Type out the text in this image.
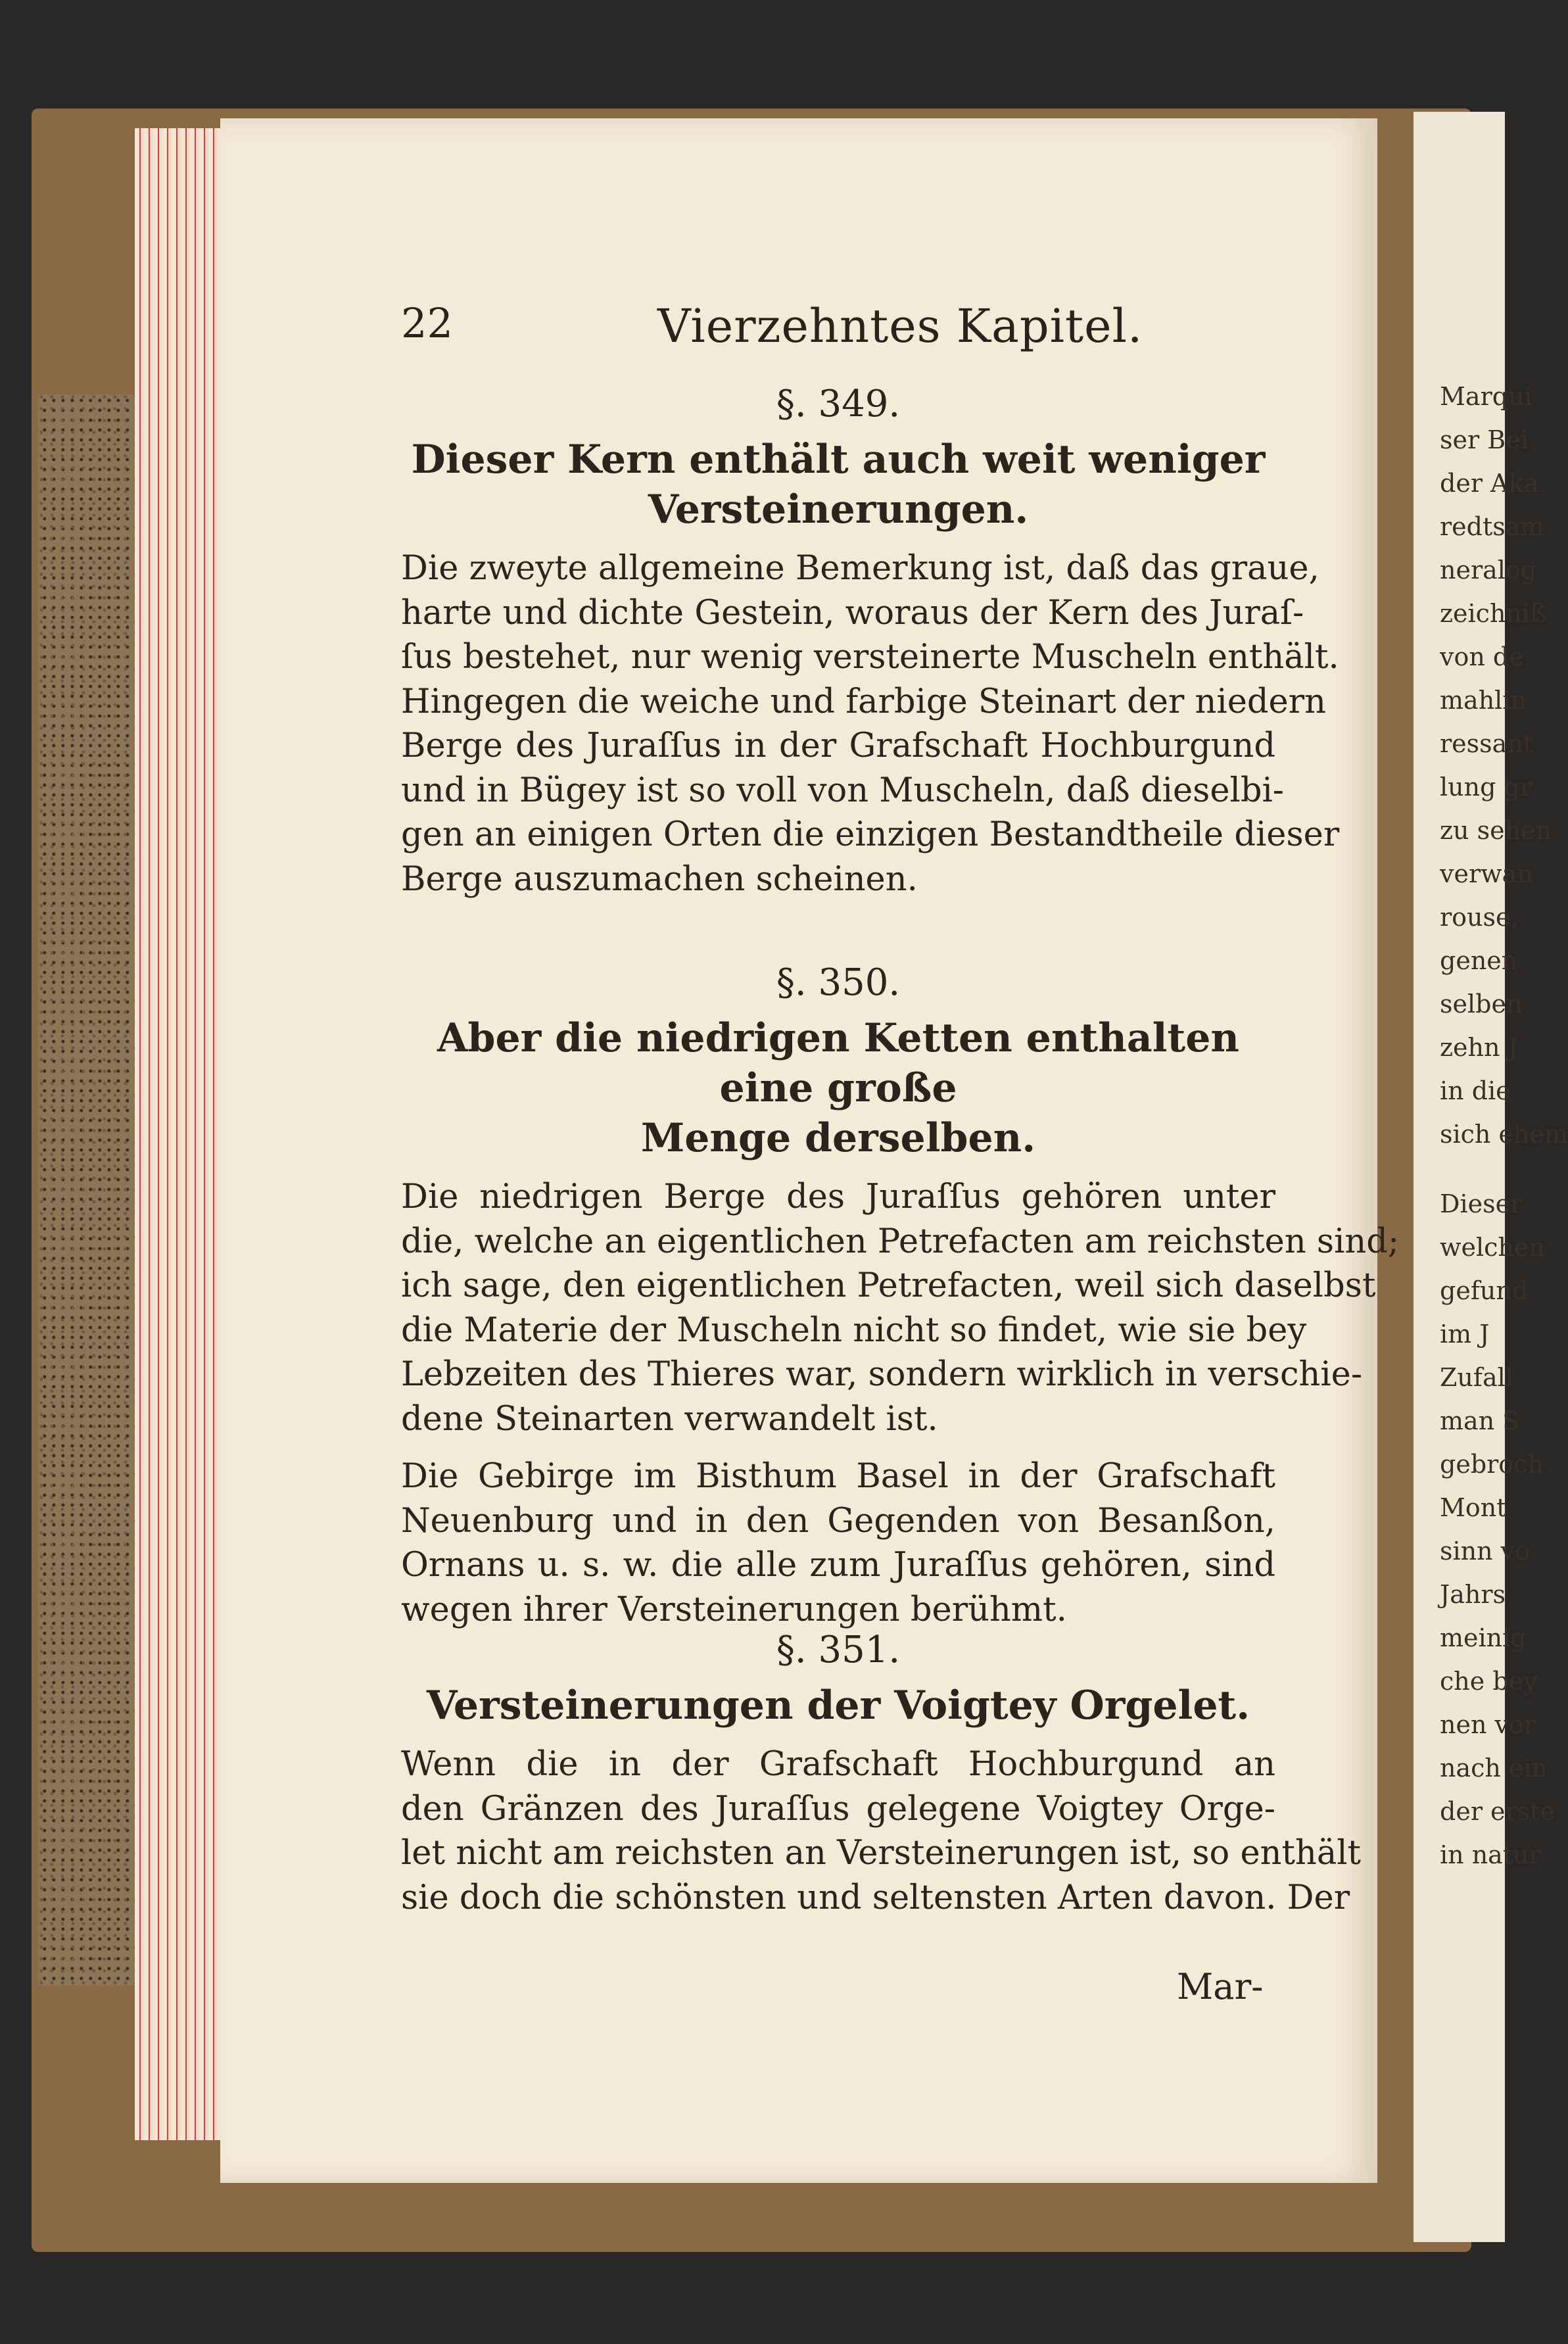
Marqui
ser Bei
der Aka
redtsam
neralog
zeichniß
von de
mahlin
ressant
lung gr
zu sehen
verwan
rouse,
genen
selben
zehn J
in die
sich ehem
Dieser
welchen
gefund
im J
Zufall
man S
gebroch
Mont
sinn vo
Jahrs
meinig
che bey
nen vor
nach ein
der erste
in natur
22	Vierzehntes Kapitel.

§. 349.

Dieser Kern enthält auch weit weniger
Versteinerungen.

Die zweyte allgemeine Bemerkung ist, daß das graue,
harte und dichte Gestein, woraus der Kern des Juraſ-
ſus bestehet, nur wenig versteinerte Muscheln enthält.
Hingegen die weiche und farbige Steinart der niedern
Berge des Juraſſus in der Grafschaft Hochburgund
und in Bügey ist so voll von Muscheln, daß dieselbi-
gen an einigen Orten die einzigen Bestandtheile dieser
Berge auszumachen scheinen.

§. 350.

Aber die niedrigen Ketten enthalten eine große
Menge derselben.

Die niedrigen Berge des Juraſſus gehören unter
die, welche an eigentlichen Petrefacten am reichsten sind;
ich sage, den eigentlichen Petrefacten, weil sich daselbst
die Materie der Muscheln nicht so findet, wie sie bey
Lebzeiten des Thieres war, sondern wirklich in verschie-
dene Steinarten verwandelt ist.

Die Gebirge im Bisthum Basel in der Grafschaft
Neuenburg und in den Gegenden von Besanßon,
Ornans u. s. w. die alle zum Juraſſus gehören, sind
wegen ihrer Versteinerungen berühmt.

§. 351.

Versteinerungen der Voigtey Orgelet.

Wenn die in der Grafschaft Hochburgund an
den Gränzen des Juraſſus gelegene Voigtey Orge-
let nicht am reichsten an Versteinerungen ist, so enthält
sie doch die schönsten und seltensten Arten davon. Der

Mar-
